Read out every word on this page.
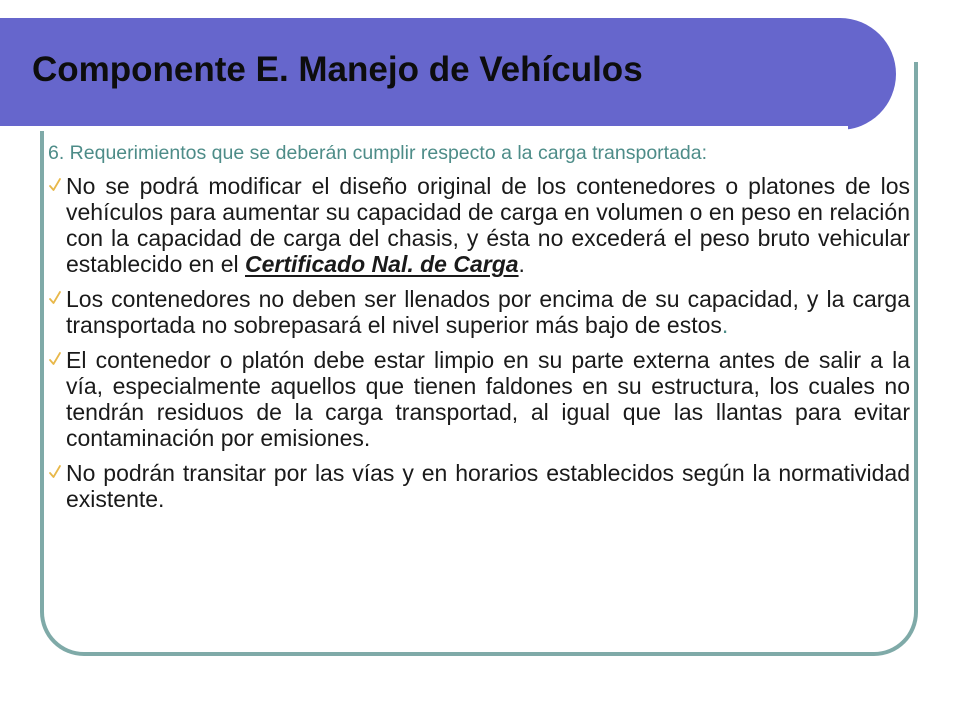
Componente E. Manejo de Vehículos

6. Requerimientos que se deberán cumplir respecto a la carga transportada:

No se podrá modificar el diseño original de los contenedores o platones de los vehículos para aumentar su capacidad de carga en volumen o en peso en relación con la capacidad de carga del chasis, y ésta no excederá el peso bruto vehicular establecido en el Certificado Nal. de Carga.
Los contenedores no deben ser llenados por encima de su capacidad, y la carga transportada no sobrepasará el nivel superior más bajo de estos.
El contenedor o platón debe estar limpio en su parte externa antes de salir a la vía, especialmente aquellos que tienen faldones en su estructura, los cuales no tendrán residuos de la carga transportad, al igual que las llantas para evitar contaminación por emisiones.
No podrán transitar por las vías y en horarios establecidos según la normatividad existente.
